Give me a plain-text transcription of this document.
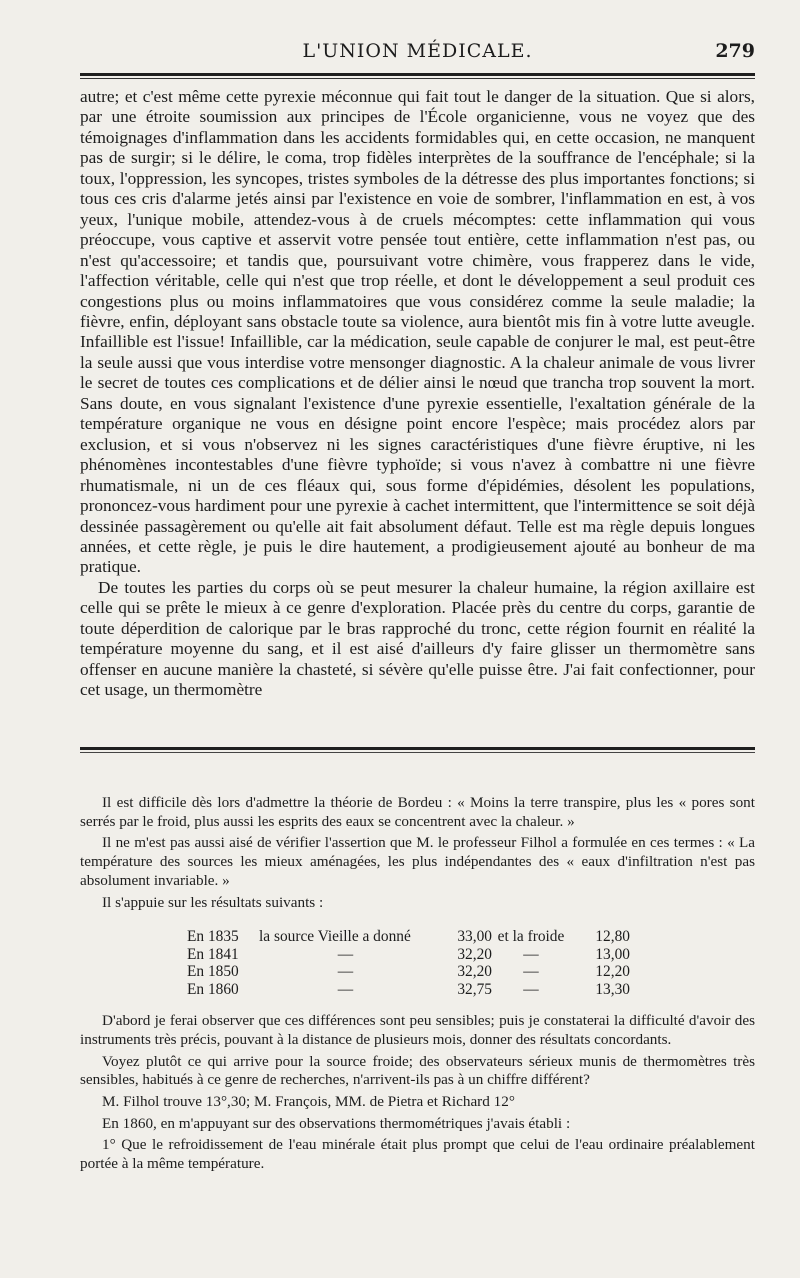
L'UNION MÉDICALE.	279

autre; et c'est même cette pyrexie méconnue qui fait tout le danger de la situation. Que si alors, par une étroite soumission aux principes de l'École organicienne, vous ne voyez que des témoignages d'inflammation dans les accidents formidables qui, en cette occasion, ne manquent pas de surgir; si le délire, le coma, trop fidèles interprètes de la souffrance de l'encéphale; si la toux, l'oppression, les syncopes, tristes symboles de la détresse des plus importantes fonctions; si tous ces cris d'alarme jetés ainsi par l'existence en voie de sombrer, l'inflammation en est, à vos yeux, l'unique mobile, attendez-vous à de cruels mécomptes: cette inflammation qui vous préoccupe, vous captive et asservit votre pensée tout entière, cette inflammation n'est pas, ou n'est qu'accessoire; et tandis que, poursuivant votre chimère, vous frapperez dans le vide, l'affection véritable, celle qui n'est que trop réelle, et dont le développement a seul produit ces congestions plus ou moins inflammatoires que vous considérez comme la seule maladie; la fièvre, enfin, déployant sans obstacle toute sa violence, aura bientôt mis fin à votre lutte aveugle. Infaillible est l'issue! Infaillible, car la médication, seule capable de conjurer le mal, est peut-être la seule aussi que vous interdise votre mensonger diagnostic. A la chaleur animale de vous livrer le secret de toutes ces complications et de délier ainsi le nœud que trancha trop souvent la mort. Sans doute, en vous signalant l'existence d'une pyrexie essentielle, l'exaltation générale de la température organique ne vous en désigne point encore l'espèce; mais procédez alors par exclusion, et si vous n'observez ni les signes caractéristiques d'une fièvre éruptive, ni les phénomènes incontestables d'une fièvre typhoïde; si vous n'avez à combattre ni une fièvre rhumatismale, ni un de ces fléaux qui, sous forme d'épidémies, désolent les populations, prononcez-vous hardiment pour une pyrexie à cachet intermittent, que l'intermittence se soit déjà dessinée passagèrement ou qu'elle ait fait absolument défaut. Telle est ma règle depuis longues années, et cette règle, je puis le dire hautement, a prodigieusement ajouté au bonheur de ma pratique.

De toutes les parties du corps où se peut mesurer la chaleur humaine, la région axillaire est celle qui se prête le mieux à ce genre d'exploration. Placée près du centre du corps, garantie de toute déperdition de calorique par le bras rapproché du tronc, cette région fournit en réalité la température moyenne du sang, et il est aisé d'ailleurs d'y faire glisser un thermomètre sans offenser en aucune manière la chasteté, si sévère qu'elle puisse être. J'ai fait confectionner, pour cet usage, un thermomètre

Il est difficile dès lors d'admettre la théorie de Bordeu : « Moins la terre transpire, plus les « pores sont serrés par le froid, plus aussi les esprits des eaux se concentrent avec la chaleur. »

Il ne m'est pas aussi aisé de vérifier l'assertion que M. le professeur Filhol a formulée en ces termes : « La température des sources les mieux aménagées, les plus indépendantes des « eaux d'infiltration n'est pas absolument invariable. »

Il s'appuie sur les résultats suivants :

En 1835	la source Vieille a donné	33,00	et la froide	12,80
En 1841	—	32,20	—	13,00
En 1850	—	32,20	—	12,20
En 1860	—	32,75	—	13,30

D'abord je ferai observer que ces différences sont peu sensibles; puis je constaterai la difficulté d'avoir des instruments très précis, pouvant à la distance de plusieurs mois, donner des résultats concordants.

Voyez plutôt ce qui arrive pour la source froide; des observateurs sérieux munis de thermomètres très sensibles, habitués à ce genre de recherches, n'arrivent-ils pas à un chiffre différent?

M. Filhol trouve 13°,30; M. François, MM. de Pietra et Richard 12°

En 1860, en m'appuyant sur des observations thermométriques j'avais établi :

1° Que le refroidissement de l'eau minérale était plus prompt que celui de l'eau ordinaire préalablement portée à la même température.
